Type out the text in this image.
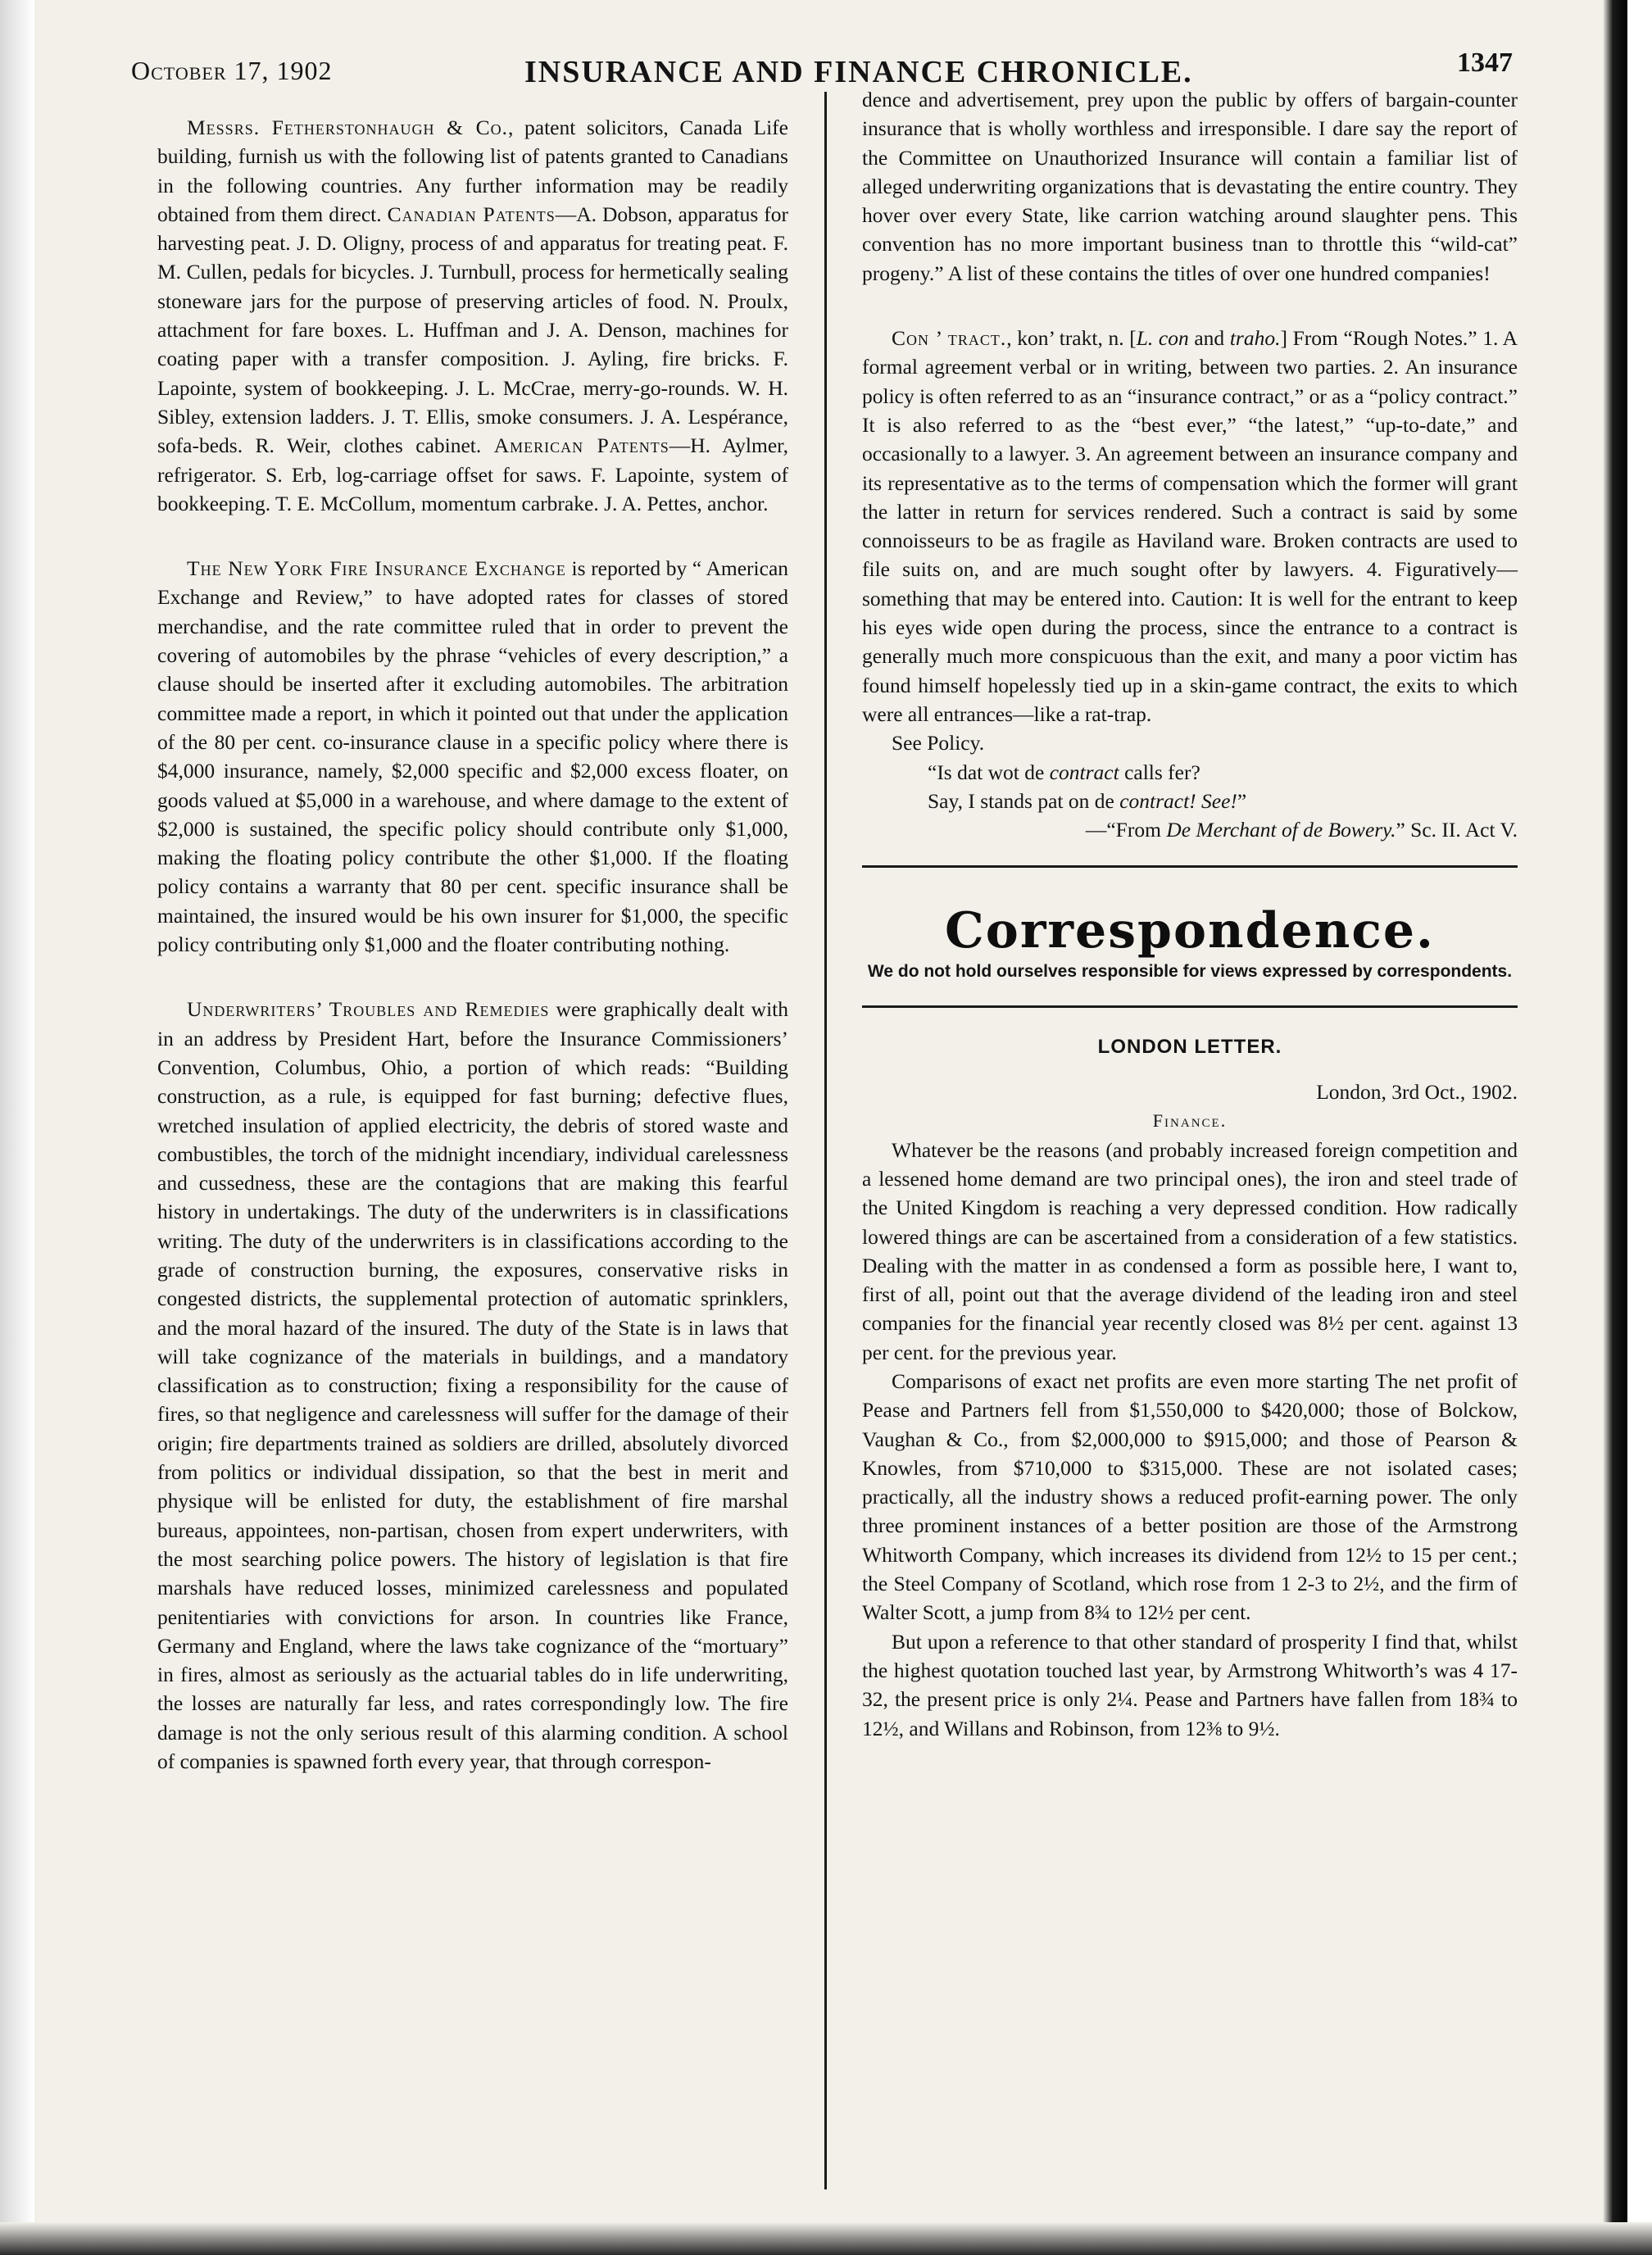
October 17, 1902	INSURANCE AND FINANCE CHRONICLE.	1347

Messrs. Fetherstonhaugh & Co., patent solicitors, Canada Life building, furnish us with the following list of patents granted to Canadians in the following countries. Any further information may be readily obtained from them direct. Canadian Patents—A. Dobson, apparatus for harvesting peat. J. D. Oligny, process of and apparatus for treating peat. F. M. Cullen, pedals for bicycles. J. Turnbull, process for hermetically sealing stoneware jars for the purpose of preserving articles of food. N. Proulx, attachment for fare boxes. L. Huffman and J. A. Denson, machines for coating paper with a transfer composition. J. Ayling, fire bricks. F. Lapointe, system of bookkeeping. J. L. McCrae, merry-go-rounds. W. H. Sibley, extension ladders. J. T. Ellis, smoke consumers. J. A. Lespérance, sofa-beds. R. Weir, clothes cabinet. American Patents—H. Aylmer, refrigerator. S. Erb, log-carriage offset for saws. F. Lapointe, system of bookkeeping. T. E. McCollum, momentum carbrake. J. A. Pettes, anchor.

The New York Fire Insurance Exchange is reported by “ American Exchange and Review,” to have adopted rates for classes of stored merchandise, and the rate committee ruled that in order to prevent the covering of automobiles by the phrase “vehicles of every description,” a clause should be inserted after it excluding automobiles. The arbitration committee made a report, in which it pointed out that under the application of the 80 per cent. co-insurance clause in a specific policy where there is $4,000 insurance, namely, $2,000 specific and $2,000 excess floater, on goods valued at $5,000 in a warehouse, and where damage to the extent of $2,000 is sustained, the specific policy should contribute only $1,000, making the floating policy contribute the other $1,000. If the floating policy contains a warranty that 80 per cent. specific insurance shall be maintained, the insured would be his own insurer for $1,000, the specific policy contributing only $1,000 and the floater contributing nothing.

Underwriters’ Troubles and Remedies were graphically dealt with in an address by President Hart, before the Insurance Commissioners’ Convention, Columbus, Ohio, a portion of which reads: “Building construction, as a rule, is equipped for fast burning; defective flues, wretched insulation of applied electricity, the debris of stored waste and combustibles, the torch of the midnight incendiary, individual carelessness and cussedness, these are the contagions that are making this fearful history in undertakings. The duty of the underwriters is in classifications writing. The duty of the underwriters is in classifications according to the grade of construction burning, the exposures, conservative risks in congested districts, the supplemental protection of automatic sprinklers, and the moral hazard of the insured. The duty of the State is in laws that will take cognizance of the materials in buildings, and a mandatory classification as to construction; fixing a responsibility for the cause of fires, so that negligence and carelessness will suffer for the damage of their origin; fire departments trained as soldiers are drilled, absolutely divorced from politics or individual dissipation, so that the best in merit and physique will be enlisted for duty, the establishment of fire marshal bureaus, appointees, non-partisan, chosen from expert underwriters, with the most searching police powers. The history of legislation is that fire marshals have reduced losses, minimized carelessness and populated penitentiaries with convictions for arson. In countries like France, Germany and England, where the laws take cognizance of the “mortuary” in fires, almost as seriously as the actuarial tables do in life underwriting, the losses are naturally far less, and rates correspondingly low. The fire damage is not the only serious result of this alarming condition. A school of companies is spawned forth every year, that through correspon-

dence and advertisement, prey upon the public by offers of bargain-counter insurance that is wholly worthless and irresponsible. I dare say the report of the Committee on Unauthorized Insurance will contain a familiar list of alleged underwriting organizations that is devastating the entire country. They hover over every State, like carrion watching around slaughter pens. This convention has no more important business tnan to throttle this “wild-cat” progeny.” A list of these contains the titles of over one hundred companies!

Con ’ tract., kon’ trakt, n. [L. con and traho.] From “Rough Notes.” 1. A formal agreement verbal or in writing, between two parties. 2. An insurance policy is often referred to as an “insurance contract,” or as a “policy contract.” It is also referred to as the “best ever,” “the latest,” “up-to-date,” and occasionally to a lawyer. 3. An agreement between an insurance company and its representative as to the terms of compensation which the former will grant the latter in return for services rendered. Such a contract is said by some connoisseurs to be as fragile as Haviland ware. Broken contracts are used to file suits on, and are much sought ofter by lawyers. 4. Figuratively—something that may be entered into. Caution: It is well for the entrant to keep his eyes wide open during the process, since the entrance to a contract is generally much more conspicuous than the exit, and many a poor victim has found himself hopelessly tied up in a skin-game contract, the exits to which were all entrances—like a rat-trap.

See Policy.

“Is dat wot de contract calls fer?

Say, I stands pat on de contract! See!”

—“From De Merchant of de Bowery.” Sc. II. Act V.

Correspondence.
We do not hold ourselves responsible for views expressed by correspondents.
LONDON LETTER.

London, 3rd Oct., 1902.

Finance.

Whatever be the reasons (and probably increased foreign competition and a lessened home demand are two principal ones), the iron and steel trade of the United Kingdom is reaching a very depressed condition. How radically lowered things are can be ascertained from a consideration of a few statistics. Dealing with the matter in as condensed a form as possible here, I want to, first of all, point out that the average dividend of the leading iron and steel companies for the financial year recently closed was 8½ per cent. against 13 per cent. for the previous year.

Comparisons of exact net profits are even more starting The net profit of Pease and Partners fell from $1,550,000 to $420,000; those of Bolckow, Vaughan & Co., from $2,000,000 to $915,000; and those of Pearson & Knowles, from $710,000 to $315,000. These are not isolated cases; practically, all the industry shows a reduced profit-earning power. The only three prominent instances of a better position are those of the Armstrong Whitworth Company, which increases its dividend from 12½ to 15 per cent.; the Steel Company of Scotland, which rose from 1 2-3 to 2½, and the firm of Walter Scott, a jump from 8¾ to 12½ per cent.

But upon a reference to that other standard of prosperity I find that, whilst the highest quotation touched last year, by Armstrong Whitworth’s was 4 17-32, the present price is only 2¼. Pease and Partners have fallen from 18¾ to 12½, and Willans and Robinson, from 12⅜ to 9½.
